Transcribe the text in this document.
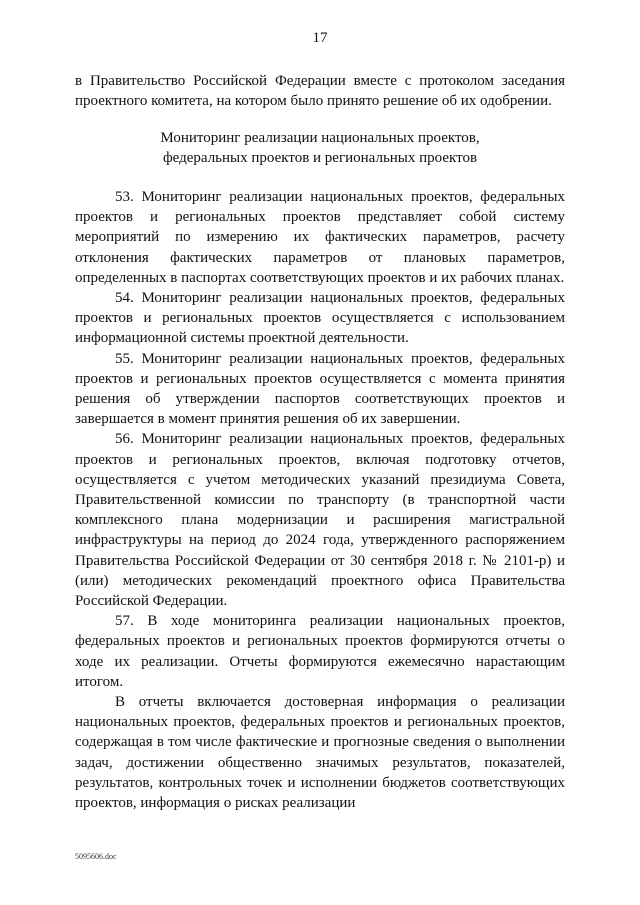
17

в Правительство Российской Федерации вместе с протоколом заседания проектного комитета, на котором было принято решение об их одобрении.

Мониторинг реализации национальных проектов,
федеральных проектов и региональных проектов

53. Мониторинг реализации национальных проектов, федеральных проектов и региональных проектов представляет собой систему мероприятий по измерению их фактических параметров, расчету отклонения фактических параметров от плановых параметров, определенных в паспортах соответствующих проектов и их рабочих планах.

54. Мониторинг реализации национальных проектов, федеральных проектов и региональных проектов осуществляется с использованием информационной системы проектной деятельности.

55. Мониторинг реализации национальных проектов, федеральных проектов и региональных проектов осуществляется с момента принятия решения об утверждении паспортов соответствующих проектов и завершается в момент принятия решения об их завершении.

56. Мониторинг реализации национальных проектов, федеральных проектов и региональных проектов, включая подготовку отчетов, осуществляется с учетом методических указаний президиума Совета, Правительственной комиссии по транспорту (в транспортной части комплексного плана модернизации и расширения магистральной инфраструктуры на период до 2024 года, утвержденного распоряжением Правительства Российской Федерации от 30 сентября 2018 г. № 2101-р) и (или) методических рекомендаций проектного офиса Правительства Российской Федерации.

57. В ходе мониторинга реализации национальных проектов, федеральных проектов и региональных проектов формируются отчеты о ходе их реализации. Отчеты формируются ежемесячно нарастающим итогом.

В отчеты включается достоверная информация о реализации национальных проектов, федеральных проектов и региональных проектов, содержащая в том числе фактические и прогнозные сведения о выполнении задач, достижении общественно значимых результатов, показателей, результатов, контрольных точек и исполнении бюджетов соответствующих проектов, информация о рисках реализации

5095606.doc
